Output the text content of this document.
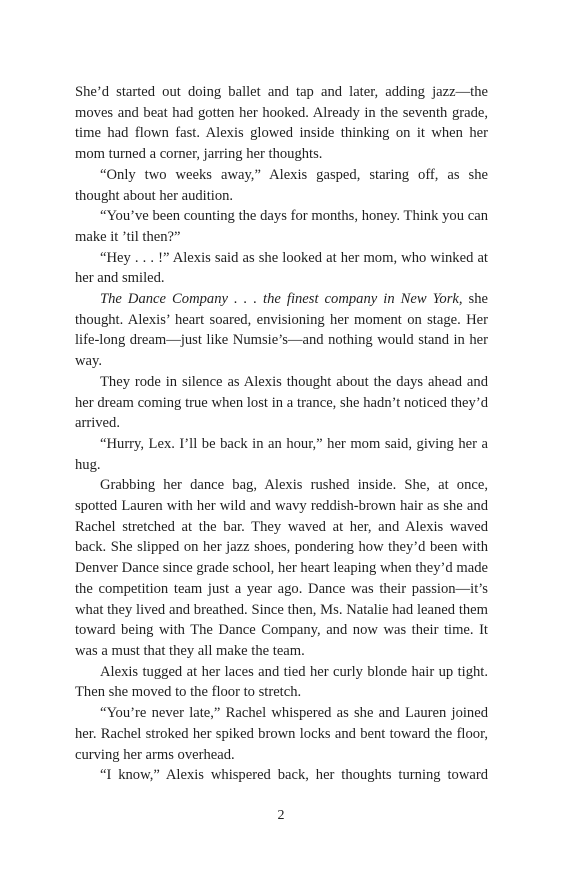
She’d started out doing ballet and tap and later, adding jazz—the moves and beat had gotten her hooked. Already in the seventh grade, time had flown fast. Alexis glowed inside thinking on it when her mom turned a corner, jarring her thoughts.

“Only two weeks away,” Alexis gasped, staring off, as she thought about her audition.

“You’ve been counting the days for months, honey. Think you can make it ’til then?”

“Hey . . . !” Alexis said as she looked at her mom, who winked at her and smiled.

The Dance Company . . . the finest company in New York, she thought. Alexis’ heart soared, envisioning her moment on stage. Her life-long dream—just like Numsie’s—and nothing would stand in her way.

They rode in silence as Alexis thought about the days ahead and her dream coming true when lost in a trance, she hadn’t noticed they’d arrived.

“Hurry, Lex. I’ll be back in an hour,” her mom said, giving her a hug.

Grabbing her dance bag, Alexis rushed inside. She, at once, spotted Lauren with her wild and wavy reddish-brown hair as she and Rachel stretched at the bar. They waved at her, and Alexis waved back. She slipped on her jazz shoes, pondering how they’d been with Denver Dance since grade school, her heart leaping when they’d made the competition team just a year ago. Dance was their passion—it’s what they lived and breathed. Since then, Ms. Natalie had leaned them toward being with The Dance Company, and now was their time. It was a must that they all make the team.

Alexis tugged at her laces and tied her curly blonde hair up tight. Then she moved to the floor to stretch.

“You’re never late,” Rachel whispered as she and Lauren joined her. Rachel stroked her spiked brown locks and bent toward the floor, curving her arms overhead.

“I know,” Alexis whispered back, her thoughts turning toward

2
